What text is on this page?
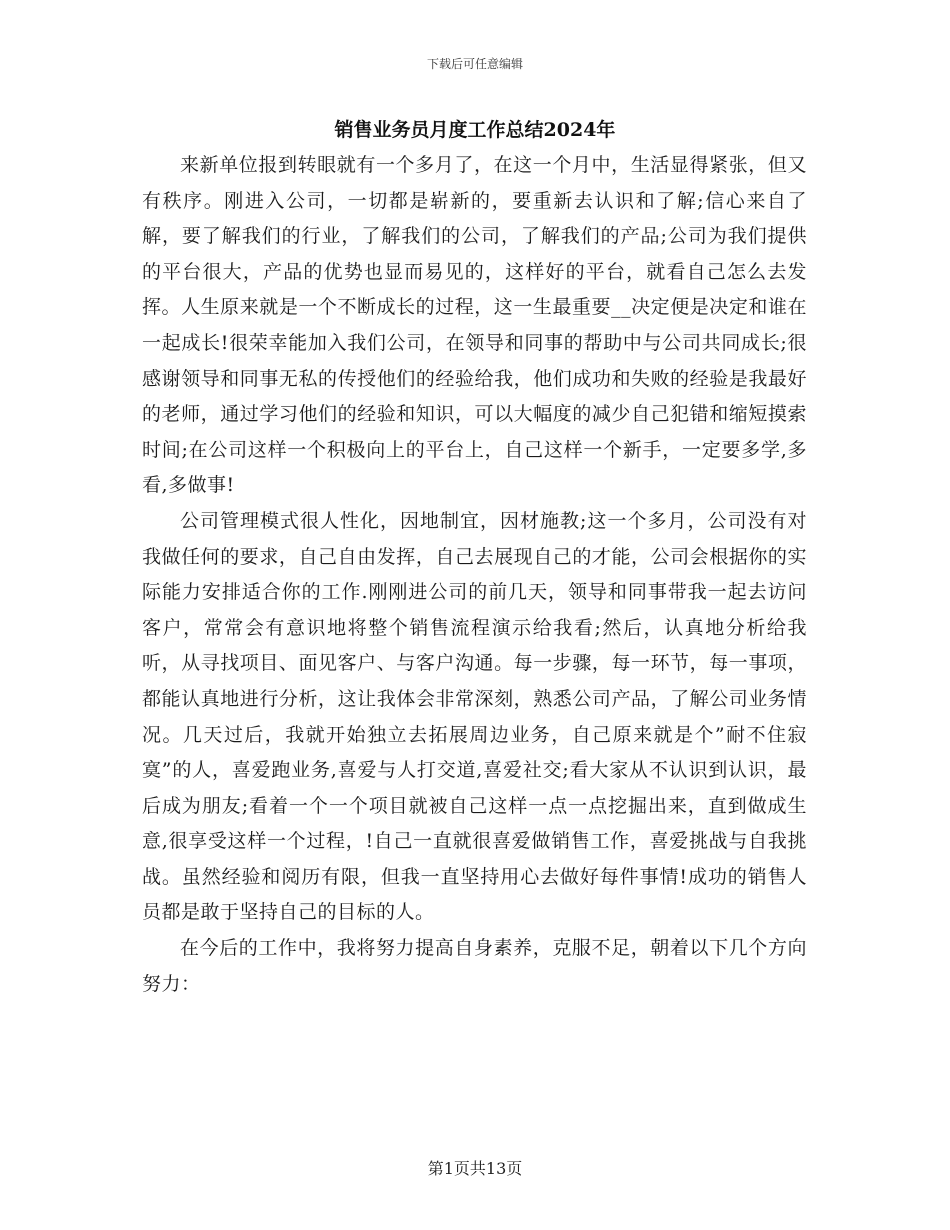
下载后可任意编辑
销售业务员月度工作总结2024年

来新单位报到转眼就有一个多月了，在这一个月中，生活显得紧张，但又有秩序。刚进入公司，一切都是崭新的，要重新去认识和了解;信心来自了解，要了解我们的行业，了解我们的公司，了解我们的产品;公司为我们提供的平台很大，产品的优势也显而易见的，这样好的平台，就看自己怎么去发挥。人生原来就是一个不断成长的过程，这一生最重要__决定便是决定和谁在一起成长!很荣幸能加入我们公司，在领导和同事的帮助中与公司共同成长;很感谢领导和同事无私的传授他们的经验给我，他们成功和失败的经验是我最好的老师，通过学习他们的经验和知识，可以大幅度的减少自己犯错和缩短摸索时间;在公司这样一个积极向上的平台上，自己这样一个新手，一定要多学,多看,多做事!

公司管理模式很人性化，因地制宜，因材施教;这一个多月，公司没有对我做任何的要求，自己自由发挥，自己去展现自己的才能，公司会根据你的实际能力安排适合你的工作.刚刚进公司的前几天，领导和同事带我一起去访问客户，常常会有意识地将整个销售流程演示给我看;然后，认真地分析给我听，从寻找项目、面见客户、与客户沟通。每一步骤，每一环节，每一事项，都能认真地进行分析，这让我体会非常深刻，熟悉公司产品，了解公司业务情况。几天过后，我就开始独立去拓展周边业务，自己原来就是个”耐不住寂寞”的人，喜爱跑业务,喜爱与人打交道,喜爱社交;看大家从不认识到认识，最后成为朋友;看着一个一个项目就被自己这样一点一点挖掘出来，直到做成生意,很享受这样一个过程，!自己一直就很喜爱做销售工作，喜爱挑战与自我挑战。虽然经验和阅历有限，但我一直坚持用心去做好每件事情!成功的销售人员都是敢于坚持自己的目标的人。

在今后的工作中，我将努力提高自身素养，克服不足，朝着以下几个方向努力：

第1页共13页
